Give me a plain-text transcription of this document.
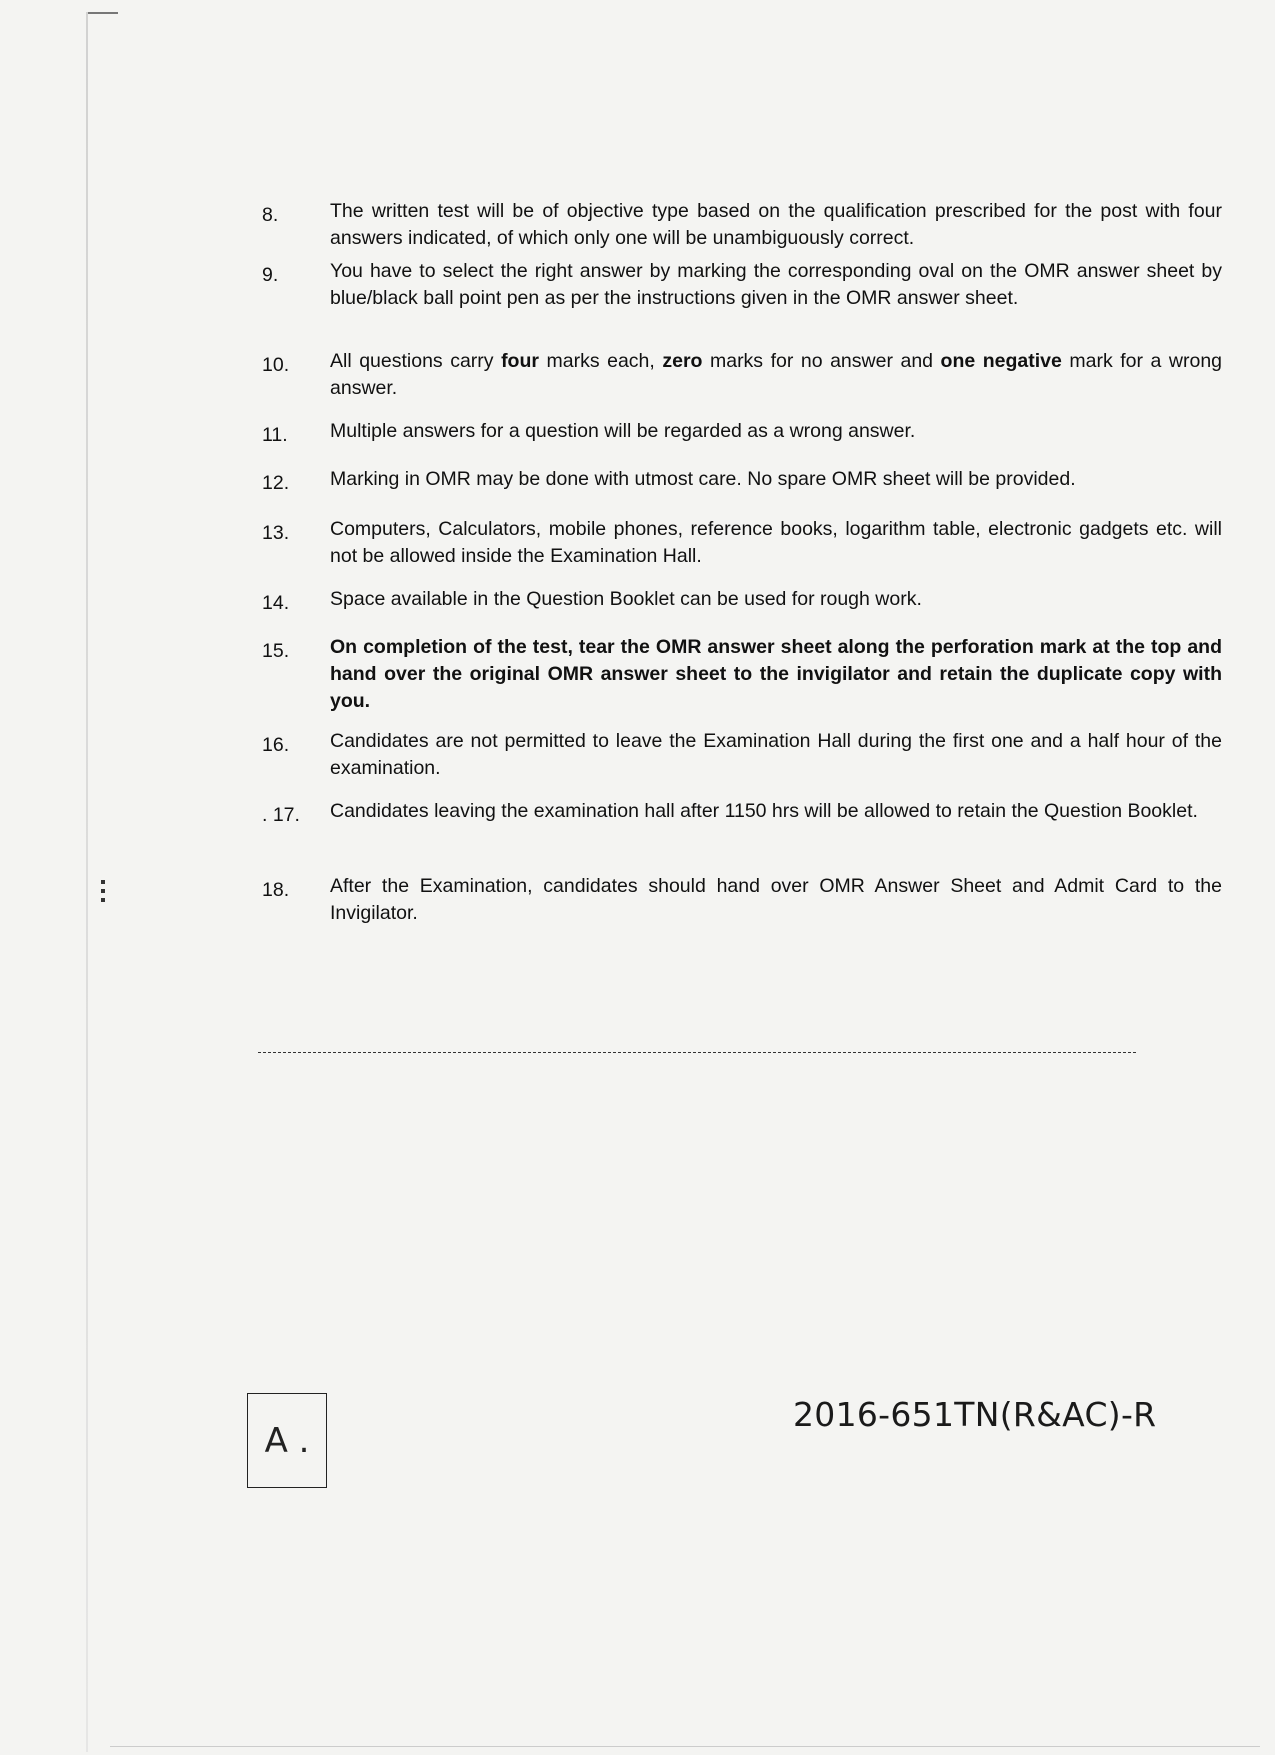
8.	The written test will be of objective type based on the qualification prescribed for the post with four answers indicated, of which only one will be unambiguously correct.
9.	You have to select the right answer by marking the corresponding oval on the OMR answer sheet by blue/black ball point pen as per the instructions given in the OMR answer sheet.
10.	All questions carry four marks each, zero marks for no answer and one negative mark for a wrong answer.
11.	Multiple answers for a question will be regarded as a wrong answer.
12.	Marking in OMR may be done with utmost care. No spare OMR sheet will be provided.
13.	Computers, Calculators, mobile phones, reference books, logarithm table, electronic gadgets etc. will not be allowed inside the Examination Hall.
14.	Space available in the Question Booklet can be used for rough work.
15.	On completion of the test, tear the OMR answer sheet along the perforation mark at the top and hand over the original OMR answer sheet to the invigilator and retain the duplicate copy with you.
16.	Candidates are not permitted to leave the Examination Hall during the first one and a half hour of the examination.
. 17.	Candidates leaving the examination hall after 1150 hrs will be allowed to retain the Question Booklet.
18.	After the Examination, candidates should hand over OMR Answer Sheet and Admit Card to the Invigilator.
A .
2016-651TN(R&AC)-R
